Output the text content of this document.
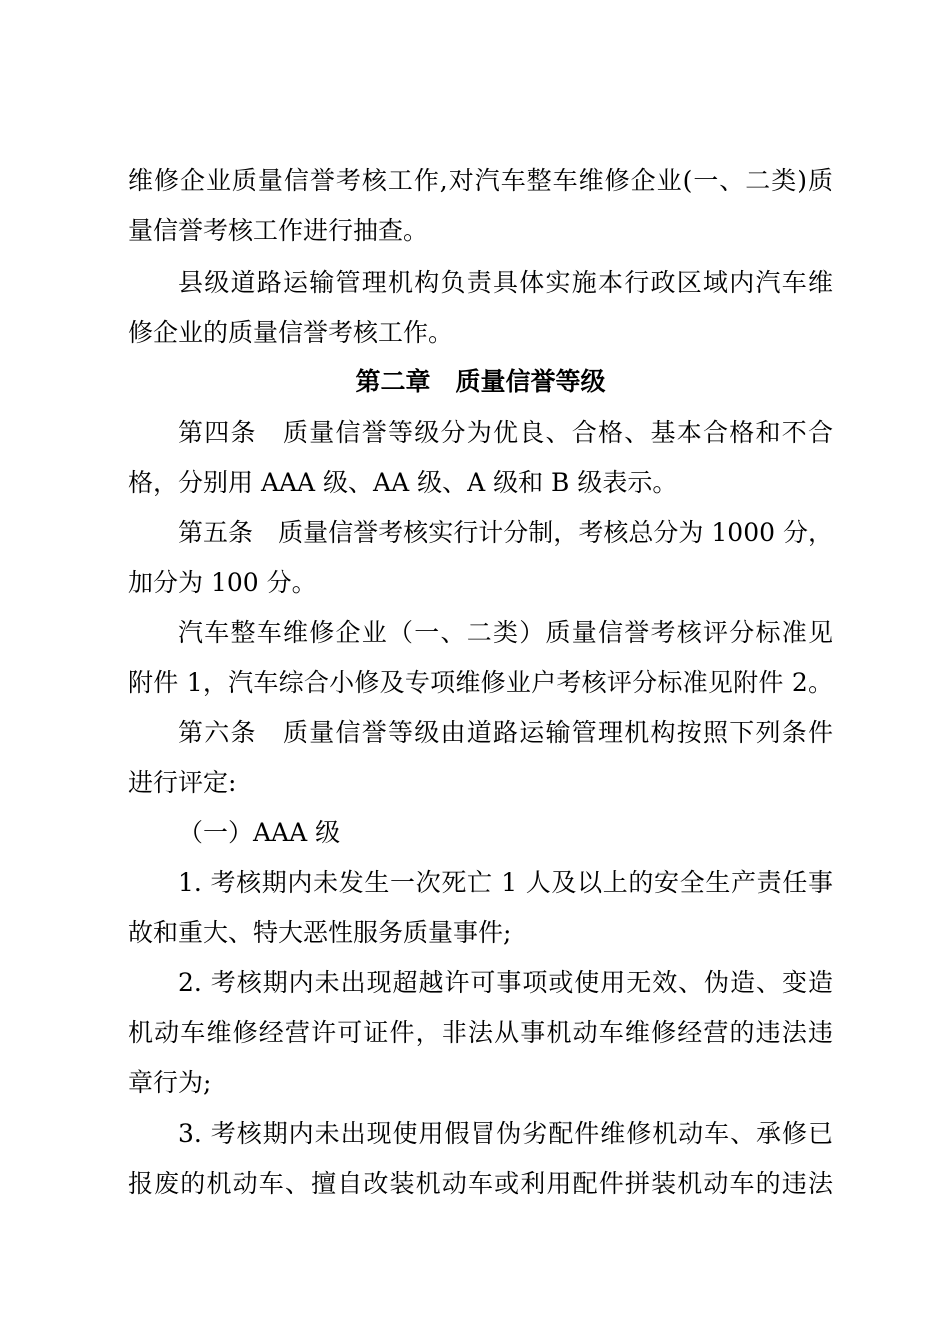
维修企业质量信誉考核工作,对汽车整车维修企业(一、二类)质
量信誉考核工作进行抽查。
县级道路运输管理机构负责具体实施本行政区域内汽车维
修企业的质量信誉考核工作。
第二章　质量信誉等级
第四条　质量信誉等级分为优良、合格、基本合格和不合
格，分别用 AAA 级、AA 级、A 级和 B 级表示。
第五条　质量信誉考核实行计分制，考核总分为 1000 分，
加分为 100 分。
汽车整车维修企业（一、二类）质量信誉考核评分标准见
附件 1，汽车综合小修及专项维修业户考核评分标准见附件 2。
第六条　质量信誉等级由道路运输管理机构按照下列条件
进行评定:
（一）AAA 级
1. 考核期内未发生一次死亡 1 人及以上的安全生产责任事
故和重大、特大恶性服务质量事件;
2. 考核期内未出现超越许可事项或使用无效、伪造、变造
机动车维修经营许可证件，非法从事机动车维修经营的违法违
章行为;
3. 考核期内未出现使用假冒伪劣配件维修机动车、承修已
报废的机动车、擅自改装机动车或利用配件拼装机动车的违法
